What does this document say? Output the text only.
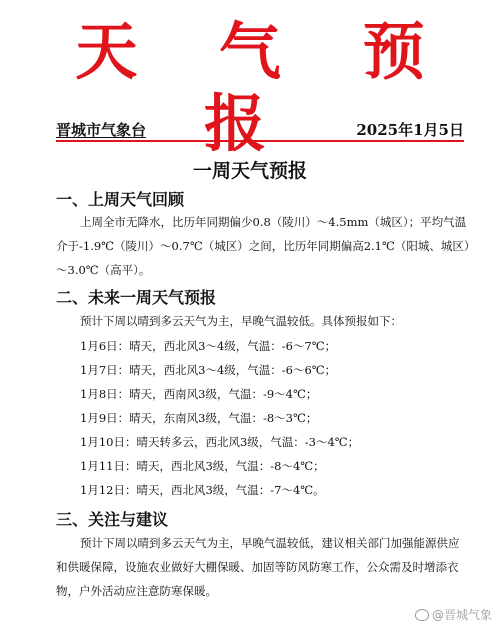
天 气 预 报
晋城市气象台	2025年1月5日
一周天气预报
一、上周天气回顾

上周全市无降水，比历年同期偏少0.8（陵川）～4.5mm（城区）；平均气温介于-1.9℃（陵川）～0.7℃（城区）之间，比历年同期偏高2.1℃（阳城、城区）～3.0℃（高平）。

二、未来一周天气预报

预计下周以晴到多云天气为主，早晚气温较低。具体预报如下：

1月6日：晴天，西北风3～4级，气温：-6～7℃；
1月7日：晴天，西北风3～4级，气温：-6～6℃；
1月8日：晴天，西南风3级，气温：-9～4℃；
1月9日：晴天，东南风3级，气温：-8～3℃；
1月10日：晴天转多云，西北风3级，气温：-3～4℃；
1月11日：晴天，西北风3级，气温：-8～4℃；
1月12日：晴天，西北风3级，气温：-7～4℃。
三、关注与建议

预计下周以晴到多云天气为主，早晚气温较低，建议相关部门加强能源供应和供暖保障，设施农业做好大棚保暖、加固等防风防寒工作，公众需及时增添衣物，户外活动应注意防寒保暖。

@晋城气象
